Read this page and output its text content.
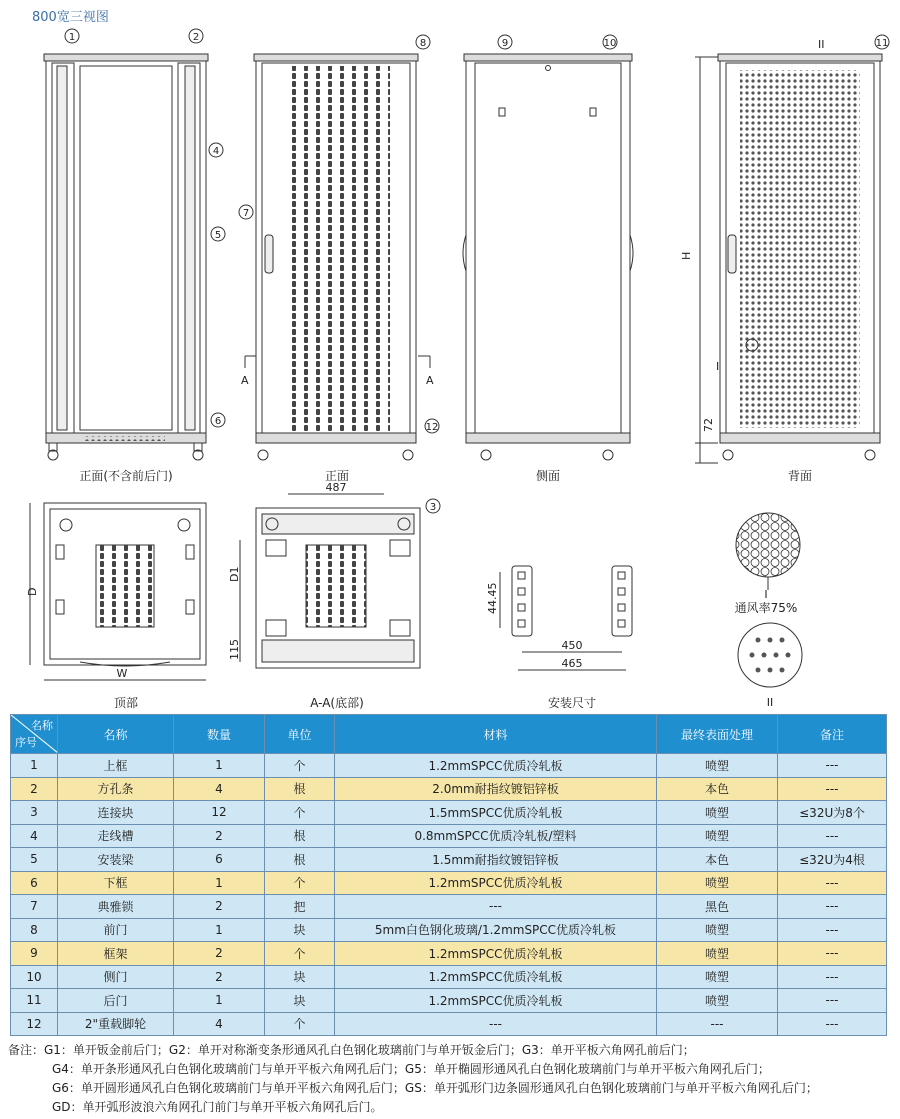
800宽三视图
1	2
3
4
5
6
7
8	9	10	11
12
A	A
I
II
H
72
D
W
487
D1
115
44.45
450
465
I
通风率75%
II
正面(不含前后门)	正面	侧面	背面
顶部	A-A(底部)	安装尺寸
名称
序号	名称	数量	单位	材料	最终表面处理	备注
1	上框	1	个	1.2mmSPCC优质冷轧板	喷塑	---
2	方孔条	4	根	2.0mm耐指纹镀铝锌板	本色	---
3	连接块	12	个	1.5mmSPCC优质冷轧板	喷塑	≤32U为8个
4	走线槽	2	根	0.8mmSPCC优质冷轧板/塑料	喷塑	---
5	安装梁	6	根	1.5mm耐指纹镀铝锌板	本色	≤32U为4根
6	下框	1	个	1.2mmSPCC优质冷轧板	喷塑	---
7	典雅锁	2	把	---	黑色	---
8	前门	1	块	5mm白色钢化玻璃/1.2mmSPCC优质冷轧板	喷塑	---
9	框架	2	个	1.2mmSPCC优质冷轧板	喷塑	---
10	侧门	2	块	1.2mmSPCC优质冷轧板	喷塑	---
11	后门	1	块	1.2mmSPCC优质冷轧板	喷塑	---
12	2"重载脚轮	4	个	---	---	---
备注：G1：单开钣金前后门；G2：单开对称渐变条形通风孔白色钢化玻璃前门与单开钣金后门；G3：单开平板六角网孔前后门；
G4：单开条形通风孔白色钢化玻璃前门与单开平板六角网孔后门；G5：单开椭圆形通风孔白色钢化玻璃前门与单开平板六角网孔后门；
G6：单开圆形通风孔白色钢化玻璃前门与单开平板六角网孔后门；GS：单开弧形门边条圆形通风孔白色钢化玻璃前门与单开平板六角网孔后门；
GD：单开弧形波浪六角网孔门前门与单开平板六角网孔后门。
